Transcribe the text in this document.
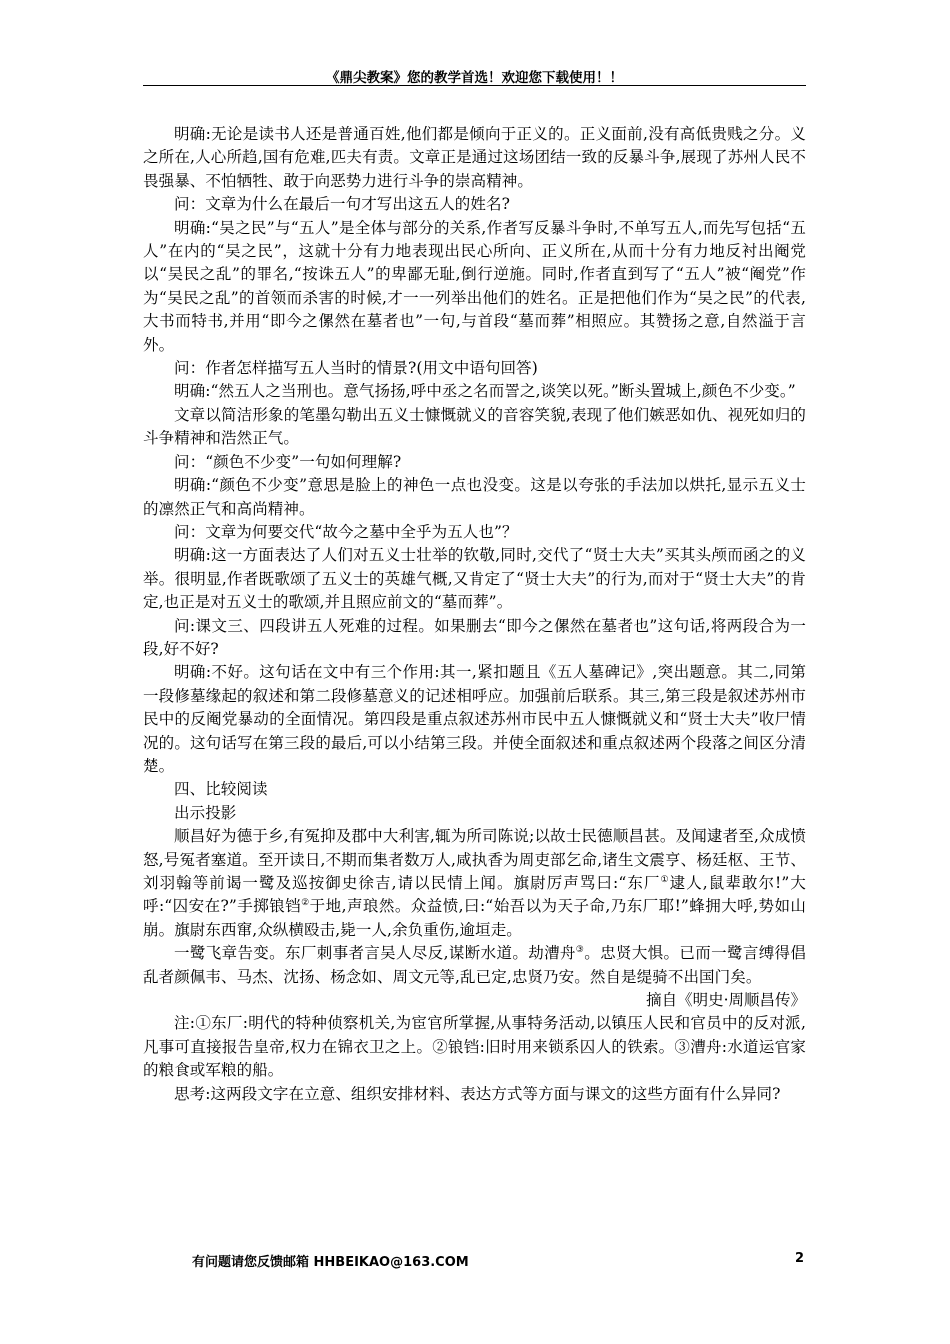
《鼎尖教案》您的教学首选！欢迎您下载使用！！

明确:无论是读书人还是普通百姓,他们都是倾向于正义的。正义面前,没有高低贵贱之分。义之所在,人心所趋,国有危难,匹夫有责。文章正是通过这场团结一致的反暴斗争,展现了苏州人民不畏强暴、不怕牺牲、敢于向恶势力进行斗争的崇高精神。

问：文章为什么在最后一句才写出这五人的姓名?

明确:“吴之民”与“五人”是全体与部分的关系,作者写反暴斗争时,不单写五人,而先写包括“五人”在内的“吴之民”，这就十分有力地表现出民心所向、正义所在,从而十分有力地反衬出阉党以“吴民之乱”的罪名,“按诛五人”的卑鄙无耻,倒行逆施。同时,作者直到写了“五人”被“阉党”作为“吴民之乱”的首领而杀害的时候,才一一列举出他们的姓名。正是把他们作为“吴之民”的代表,大书而特书,并用“即今之傫然在墓者也”一句,与首段“墓而葬”相照应。其赞扬之意,自然溢于言外。

问：作者怎样描写五人当时的情景?(用文中语句回答)

明确:“然五人之当刑也。意气扬扬,呼中丞之名而詈之,谈笑以死。”断头置城上,颜色不少变。”

文章以简洁形象的笔墨勾勒出五义士慷慨就义的音容笑貌,表现了他们嫉恶如仇、视死如归的斗争精神和浩然正气。

问：“颜色不少变”一句如何理解?

明确:“颜色不少变”意思是脸上的神色一点也没变。这是以夸张的手法加以烘托,显示五义士的凛然正气和高尚精神。

问：文章为何要交代“故今之墓中全乎为五人也”？

明确:这一方面表达了人们对五义士壮举的钦敬,同时,交代了“贤士大夫”买其头颅而函之的义举。很明显,作者既歌颂了五义士的英雄气概,又肯定了“贤士大夫”的行为,而对于“贤士大夫”的肯定,也正是对五义士的歌颂,并且照应前文的“墓而葬”。

问:课文三、四段讲五人死难的过程。如果删去“即今之傫然在墓者也”这句话,将两段合为一段,好不好?

明确:不好。这句话在文中有三个作用:其一,紧扣题且《五人墓碑记》,突出题意。其二,同第一段修墓缘起的叙述和第二段修墓意义的记述相呼应。加强前后联系。其三,第三段是叙述苏州市民中的反阉党暴动的全面情况。第四段是重点叙述苏州市民中五人慷慨就义和“贤士大夫”收尸情况的。这句话写在第三段的最后,可以小结第三段。并使全面叙述和重点叙述两个段落之间区分清楚。

四、比较阅读

出示投影

顺昌好为德于乡,有冤抑及郡中大利害,辄为所司陈说;以故士民德顺昌甚。及闻逮者至,众成愤怒,号冤者塞道。至开读日,不期而集者数万人,咸执香为周吏部乞命,诸生文震亨、杨廷枢、王节、刘羽翰等前谒一鹭及巡按御史徐吉,请以民情上闻。旗尉厉声骂曰:“东厂①逮人,鼠辈敢尔!”大呼:“囚安在?”手掷锒铛②于地,声琅然。众益愤,曰:“始吾以为天子命,乃东厂耶!”蜂拥大呼,势如山崩。旗尉东西窜,众纵横殴击,毙一人,余负重伤,逾垣走。

一鹭飞章告变。东厂刺事者言吴人尽反,谋断水道。劫漕舟③。忠贤大惧。已而一鹭言缚得倡乱者颜佩韦、马杰、沈扬、杨念如、周文元等,乱已定,忠贤乃安。然自是缇骑不出国门矣。

摘自《明史·周顺昌传》

注:①东厂:明代的特种侦察机关,为宦官所掌握,从事特务活动,以镇压人民和官员中的反对派,凡事可直接报告皇帝,权力在锦衣卫之上。②锒铛:旧时用来锁系囚人的铁索。③漕舟:水道运官家的粮食或军粮的船。

思考:这两段文字在立意、组织安排材料、表达方式等方面与课文的这些方面有什么异同?

有问题请您反馈邮箱 HHBEIKAO@163.COM	2
